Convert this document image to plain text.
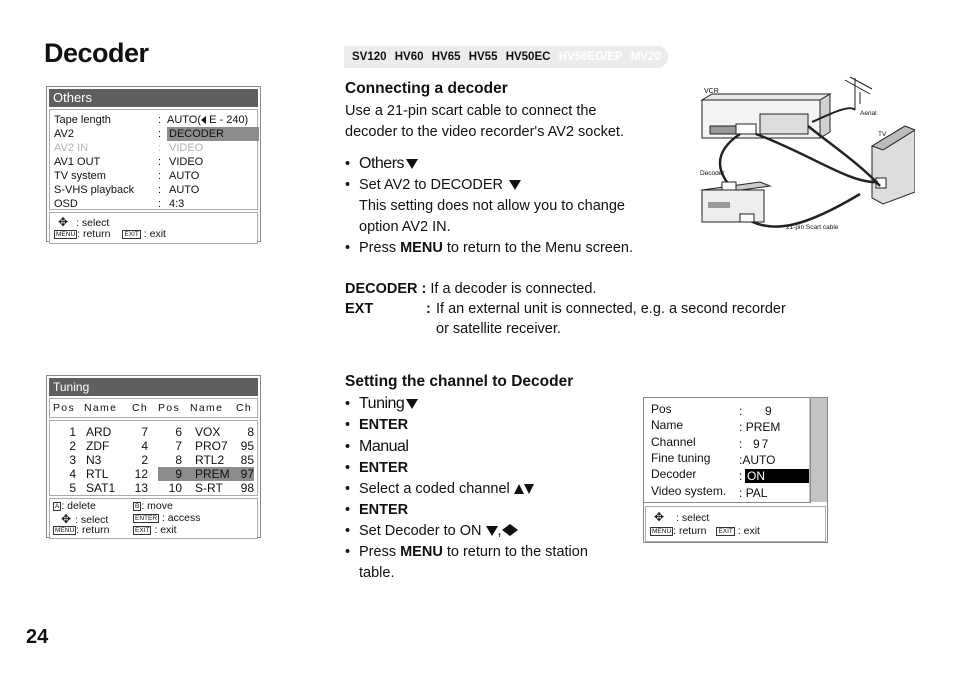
Decoder
24
SV120 HV60 HV65 HV55 HV50EC HV50EG/EP MV20 MV15
Others
Tape length	: AUTO( E - 240)
AV2	: DECODER
AV2 IN	: VIDEO
AV1 OUT	: VIDEO
TV system	: AUTO
S-VHS playback : AUTO
OSD	: 4:3
✥ : select
MENU : return EXIT : exit
Connecting a decoder
Use a 21-pin scart cable to connect the
decoder to the video recorder's AV2 socket.
• Others
• Set AV2 to DECODER
This setting does not allow you to change
option AV2 IN.
• Press MENU to return to the Menu screen.
DECODER : If a decoder is connected.
EXT	: If an external unit is connected, e.g. a second recorder
or satellite receiver.
VCR
Aerial
TV
Decoder
21-pin Scart cable
Tuning
Pos Name Ch Pos Name Ch
1 ARD	7	6 VOX	8
2 ZDF	4	7 PRO7	95
3 N3	2	8 RTL2	85
4 RTL	12	9 PREM 97
5 SAT1	13 10 S-RT	98
A : delete	B : move
✥ : select	ENTER : access
MENU : return	EXIT : exit
Setting the channel to Decoder
• Tuning
• ENTER
• Manual
• ENTER
• Select a coded channel
• ENTER
• Set Decoder to ON ,
• Press MENU to return to the station
table.
Pos	: 9
Name	: PREM
Channel	: 97
Fine tuning :AUTO
Decoder	: ON
Video system. : PAL
✥ : select
MENU : return EXIT : exit
